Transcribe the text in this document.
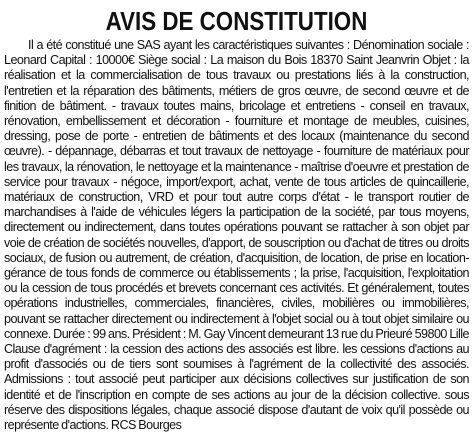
AVIS DE CONSTITUTION

Il a été constitué une SAS ayant les caractéristiques suivantes : Dénomination sociale : Leonard Capital : 10000€ Siège social : La maison du Bois 18370 Saint Jeanvrin Objet : la réalisation et la commercialisation de tous travaux ou prestations liés à la construction, l'entretien et la réparation des bâtiments, métiers de gros œuvre, de second œuvre et de finition de bâtiment. - travaux toutes mains, bricolage et entretiens - conseil en travaux, rénovation, embellissement et décoration - fourniture et montage de meubles, cuisines, dressing, pose de porte - entretien de bâtiments et des locaux (maintenance du second œuvre). - dépannage, débarras et tout travaux de nettoyage - fourniture de matériaux pour les travaux, la rénovation, le nettoyage et la maintenance - maîtrise d'oeuvre et prestation de service pour travaux - négoce, import/export, achat, vente de tous articles de quincaillerie, matériaux de construction, VRD et pour tout autre corps d'état - le transport routier de marchandises à l'aide de véhicules légers la participation de la société, par tous moyens, directement ou indirectement, dans toutes opérations pouvant se rattacher à son objet par voie de création de sociétés nouvelles, d'apport, de souscription ou d'achat de titres ou droits sociaux, de fusion ou autrement, de création, d'acquisition, de location, de prise en location-gérance de tous fonds de commerce ou établissements ; la prise, l'acquisition, l'exploitation ou la cession de tous procédés et brevets concernant ces activités. Et généralement, toutes opérations industrielles, commerciales, financières, civiles, mobilières ou immobilières, pouvant se rattacher directement ou indirectement à l'objet social ou à tout objet similaire ou connexe. Durée : 99 ans. Président : M. Gay Vincent demeurant 13 rue du Prieuré 59800 Lille Clause d'agrément : la cession des actions des associés est libre. les cessions d'actions au profit d'associés ou de tiers sont soumises à l'agrément de la collectivité des associés. Admissions : tout associé peut participer aux décisions collectives sur justification de son identité et de l'inscription en compte de ses actions au jour de la décision collective. sous réserve des dispositions légales, chaque associé dispose d'autant de voix qu'il possède ou représente d'actions. RCS Bourges
